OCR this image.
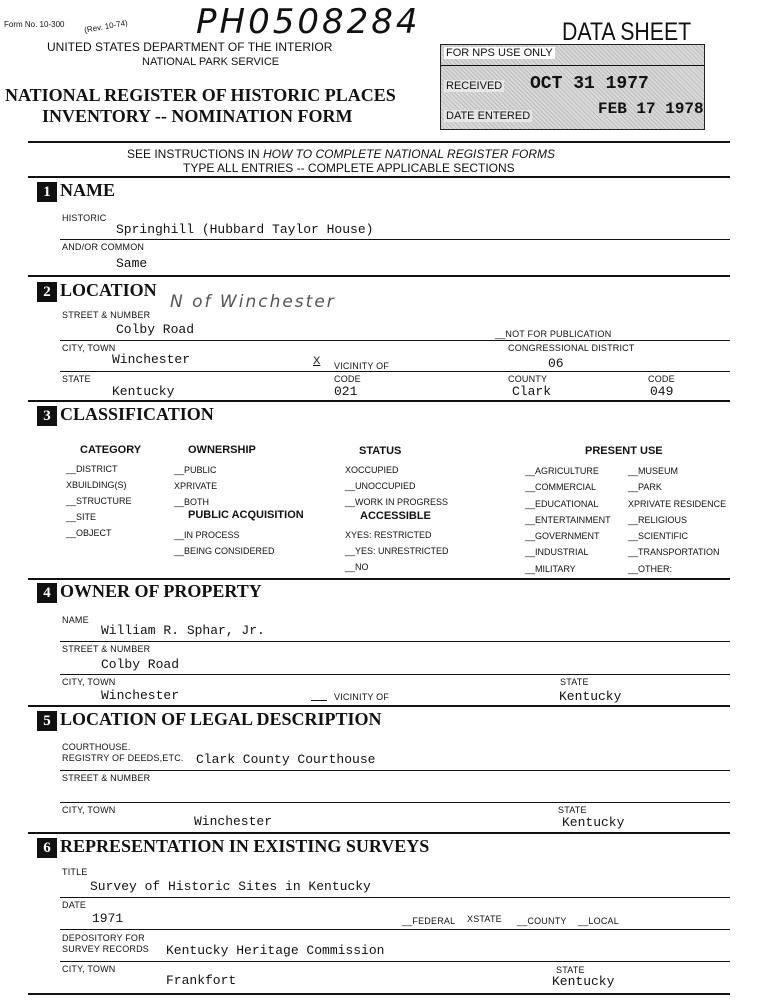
Form No. 10-300 (Rev. 10-74) PH0508284
UNITED STATES DEPARTMENT OF THE INTERIOR
NATIONAL PARK SERVICE
NATIONAL REGISTER OF HISTORIC PLACES
INVENTORY -- NOMINATION FORM
DATA SHEET
FOR NPS USE ONLY
RECEIVED OCT 31 1977
DATE ENTERED	FEB 17 1978
SEE INSTRUCTIONS IN HOW TO COMPLETE NATIONAL REGISTER FORMS
TYPE ALL ENTRIES -- COMPLETE APPLICABLE SECTIONS
1 NAME
HISTORIC
Springhill (Hubbard Taylor House)
AND/OR COMMON
Same
2 LOCATION
N of Winchester
STREET & NUMBER
Colby Road	__NOT FOR PUBLICATION
CITY, TOWN	CONGRESSIONAL DISTRICT
Winchester	X VICINITY OF	06
STATE	CODE	COUNTY	CODE
Kentucky	021	Clark	049
3 CLASSIFICATION
CATEGORY
__DISTRICT
XBUILDING(S)
__STRUCTURE
__SITE
__OBJECT
OWNERSHIP
__PUBLIC
XPRIVATE
__BOTH
PUBLIC ACQUISITION
__IN PROCESS
__BEING CONSIDERED
STATUS
XOCCUPIED
__UNOCCUPIED
__WORK IN PROGRESS
ACCESSIBLE
XYES: RESTRICTED
__YES: UNRESTRICTED
__NO
PRESENT USE
__AGRICULTURE
__COMMERCIAL
__EDUCATIONAL
__ENTERTAINMENT
__GOVERNMENT
__INDUSTRIAL
__MILITARY
__MUSEUM
__PARK
XPRIVATE RESIDENCE
__RELIGIOUS
__SCIENTIFIC
__TRANSPORTATION
__OTHER:
4 OWNER OF PROPERTY
NAME
William R. Sphar, Jr.
STREET & NUMBER
Colby Road
CITY, TOWN	STATE
Winchester	VICINITY OF	Kentucky
5 LOCATION OF LEGAL DESCRIPTION
COURTHOUSE.
REGISTRY OF DEEDS,ETC. Clark County Courthouse
STREET & NUMBER
CITY, TOWN	STATE
Winchester	Kentucky
6 REPRESENTATION IN EXISTING SURVEYS
TITLE
Survey of Historic Sites in Kentucky
DATE
1971	__FEDERAL XSTATE __COUNTY __LOCAL
DEPOSITORY FOR
SURVEY RECORDS Kentucky Heritage Commission
CITY, TOWN	STATE
Frankfort	Kentucky
